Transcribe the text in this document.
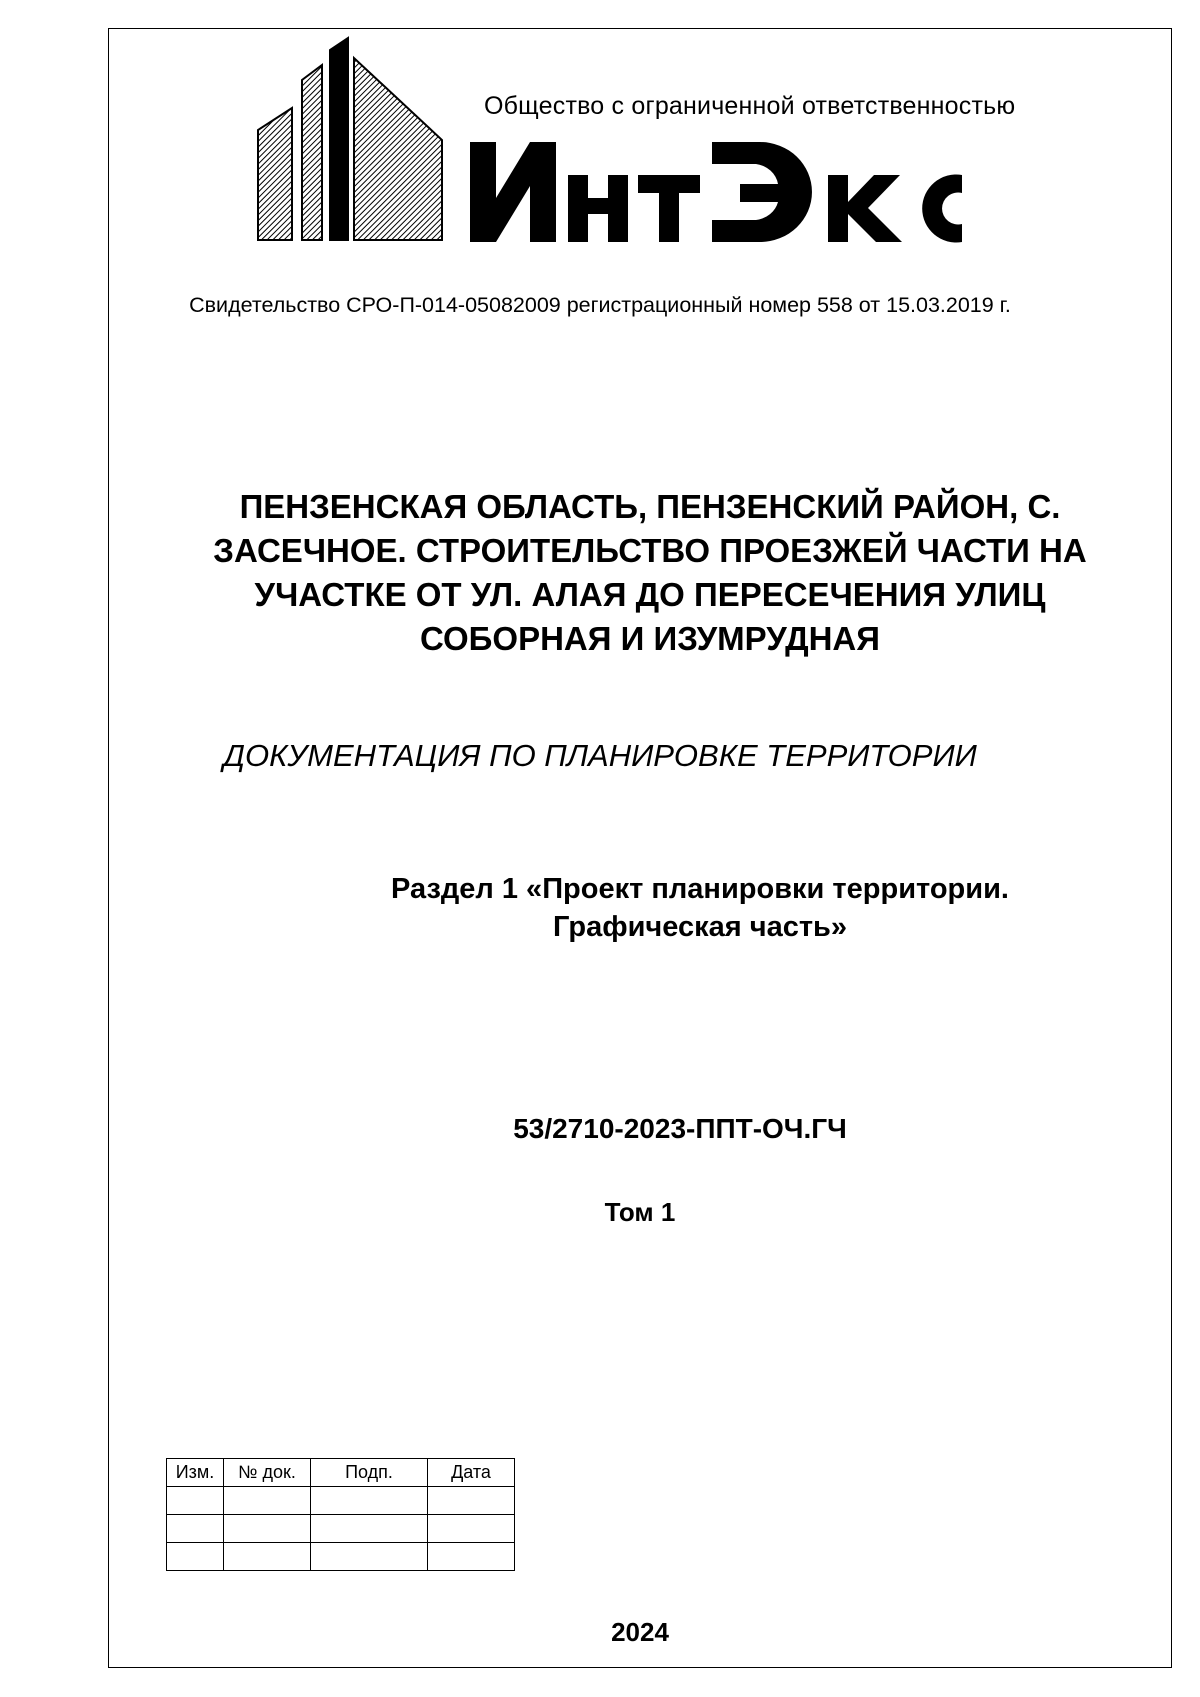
Общество с ограниченной ответственностью
Свидетельство СРО-П-014-05082009 регистрационный номер 558 от 15.03.2019 г.
ПЕНЗЕНСКАЯ ОБЛАСТЬ, ПЕНЗЕНСКИЙ РАЙОН, С.
ЗАСЕЧНОЕ. СТРОИТЕЛЬСТВО ПРОЕЗЖЕЙ ЧАСТИ НА
УЧАСТКЕ ОТ УЛ. АЛАЯ ДО ПЕРЕСЕЧЕНИЯ УЛИЦ
СОБОРНАЯ И ИЗУМРУДНАЯ
ДОКУМЕНТАЦИЯ ПО ПЛАНИРОВКЕ ТЕРРИТОРИИ
Раздел 1 «Проект планировки территории.
Графическая часть»
53/2710-2023-ППТ-ОЧ.ГЧ
Том 1
Изм.	№ док.	Подп.	Дата

2024
